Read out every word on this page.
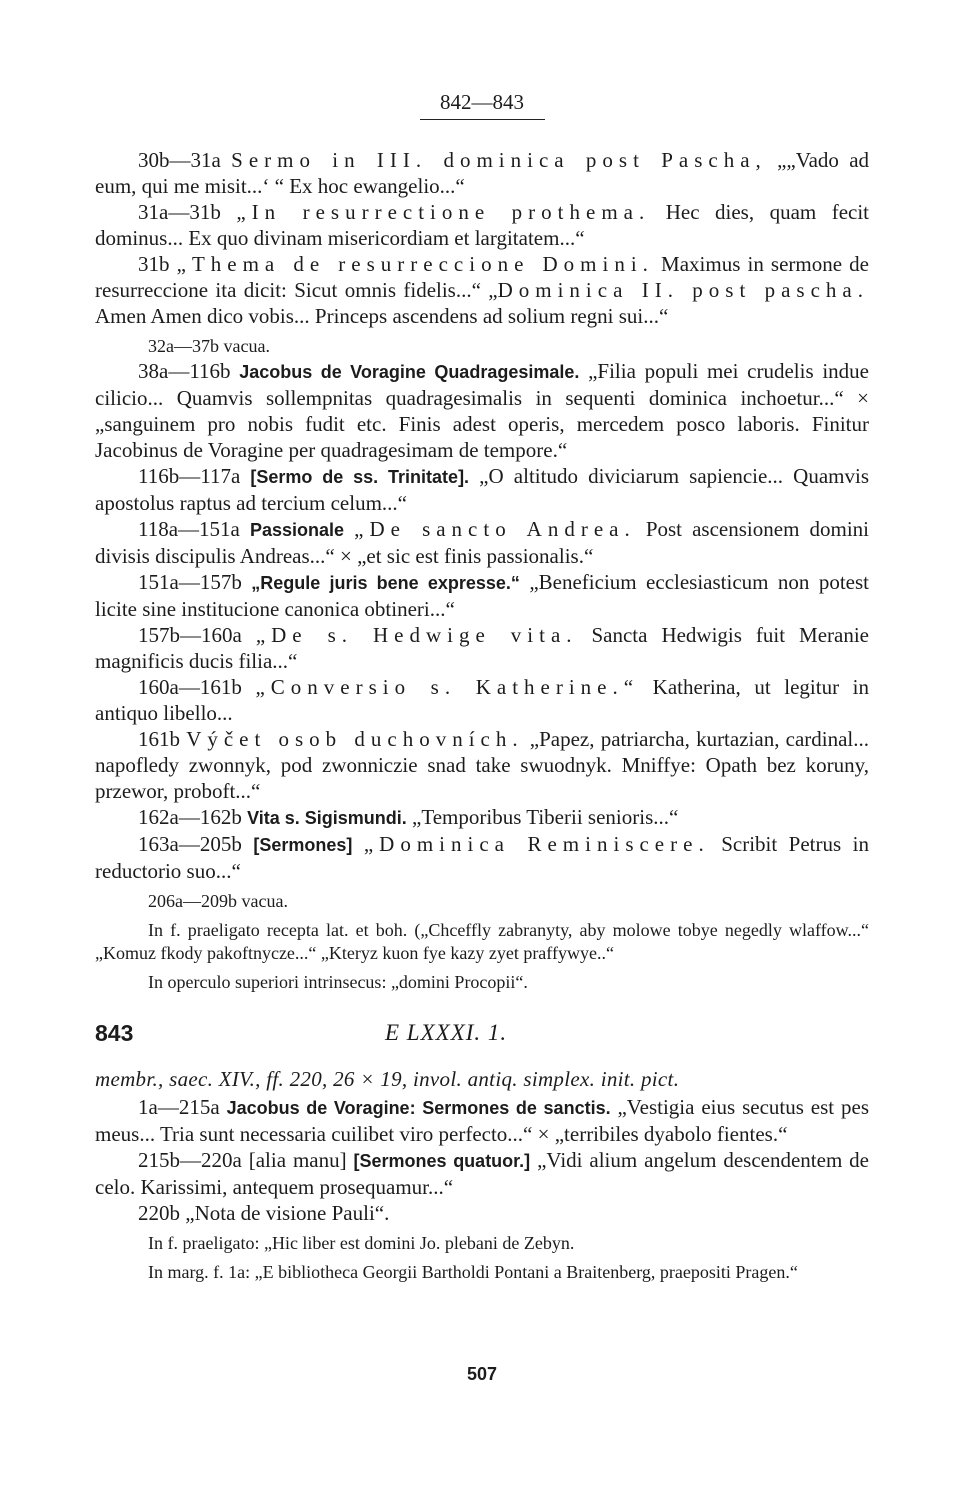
842—843

30b—31a Sermo in III. dominica post Pascha, „„Vado ad eum, qui me misit...‘ “ Ex hoc ewangelio...“

31a—31b „In resurrectione prothema. Hec dies, quam fecit dominus... Ex quo divinam misericordiam et largitatem...“

31b „Thema de resurreccione Domini. Maximus in sermone de resurreccione ita dicit: Sicut omnis fidelis...“ „Dominica II. post pascha. Amen Amen dico vobis... Princeps ascendens ad solium regni sui...“

32a—37b vacua.

38a—116b Jacobus de Voragine Quadragesimale. „Filia populi mei crudelis indue cilicio... Quamvis sollempnitas quadragesimalis in sequenti dominica inchoetur...“ × „sanguinem pro nobis fudit etc. Finis adest operis, mercedem posco laboris. Finitur Jacobinus de Voragine per quadragesimam de tempore.“

116b—117a [Sermo de ss. Trinitate]. „O altitudo diviciarum sapiencie... Quamvis apostolus raptus ad tercium celum...“

118a—151a Passionale „De sancto Andrea. Post ascensionem domini divisis discipulis Andreas...“ × „et sic est finis passionalis.“

151a—157b „Regule juris bene expresse.“ „Beneficium ecclesiasticum non potest licite sine institucione canonica obtineri...“

157b—160a „De s. Hedwige vita. Sancta Hedwigis fuit Meranie magnificis ducis filia...“

160a—161b „Conversio s. Katherine.“ Katherina, ut legitur in antiquo libello...

161b Výčet osob duchovních. „Papez, patriarcha, kurtazian, cardinal... napofledy zwonnyk, pod zwonniczie snad take swuodnyk. Mniffye: Opath bez koruny, przewor, proboft...“

162a—162b Vita s. Sigismundi. „Temporibus Tiberii senioris...“

163a—205b [Sermones] „Dominica Reminiscere. Scribit Petrus in reductorio suo...“

206a—209b vacua.

In f. praeligato recepta lat. et boh. („Chceffly zabranyty, aby molowe tobye negedly wlaffow...“ „Komuz fkody pakoftnycze...“ „Kteryz kuon fye kazy zyet praffywye..“

In operculo superiori intrinsecus: „domini Procopii“.

843	E LXXXI. 1.

membr., saec. XIV., ff. 220, 26 × 19, invol. antiq. simplex. init. pict.

1a—215a Jacobus de Voragine: Sermones de sanctis. „Vestigia eius secutus est pes meus... Tria sunt necessaria cuilibet viro perfecto...“ × „terribiles dyabolo fientes.“

215b—220a [alia manu] [Sermones quatuor.] „Vidi alium angelum descendentem de celo. Karissimi, antequem prosequamur...“

220b „Nota de visione Pauli“.

In f. praeligato: „Hic liber est domini Jo. plebani de Zebyn.

In marg. f. 1a: „E bibliotheca Georgii Bartholdi Pontani a Braitenberg, praepositi Pragen.“

507
